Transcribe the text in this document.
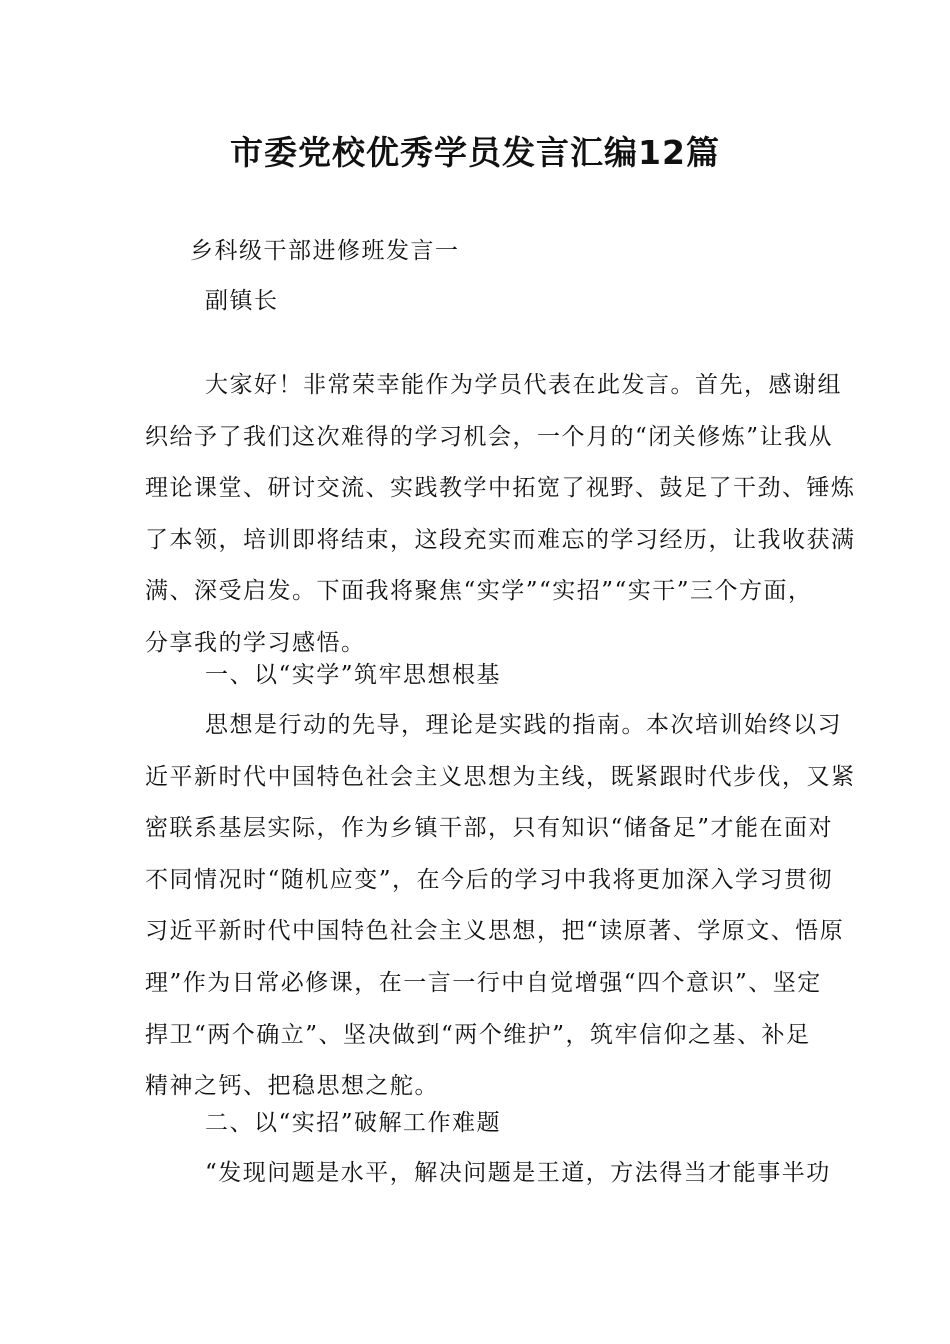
市委党校优秀学员发言汇编12篇

乡科级干部进修班发言一

副镇长

大家好！非常荣幸能作为学员代表在此发言。首先，感谢组
织给予了我们这次难得的学习机会，一个月的“闭关修炼”让我从
理论课堂、研讨交流、实践教学中拓宽了视野、鼓足了干劲、锤炼
了本领，培训即将结束，这段充实而难忘的学习经历，让我收获满
满、深受启发。下面我将聚焦“实学”“实招”“实干”三个方面，
分享我的学习感悟。

一、以“实学”筑牢思想根基

思想是行动的先导，理论是实践的指南。本次培训始终以习
近平新时代中国特色社会主义思想为主线，既紧跟时代步伐，又紧
密联系基层实际，作为乡镇干部，只有知识“储备足”才能在面对
不同情况时“随机应变”，在今后的学习中我将更加深入学习贯彻
习近平新时代中国特色社会主义思想，把“读原著、学原文、悟原
理”作为日常必修课，在一言一行中自觉增强“四个意识”、坚定
捍卫“两个确立”、坚决做到“两个维护”，筑牢信仰之基、补足
精神之钙、把稳思想之舵。

二、以“实招”破解工作难题

“发现问题是水平，解决问题是王道，方法得当才能事半功
